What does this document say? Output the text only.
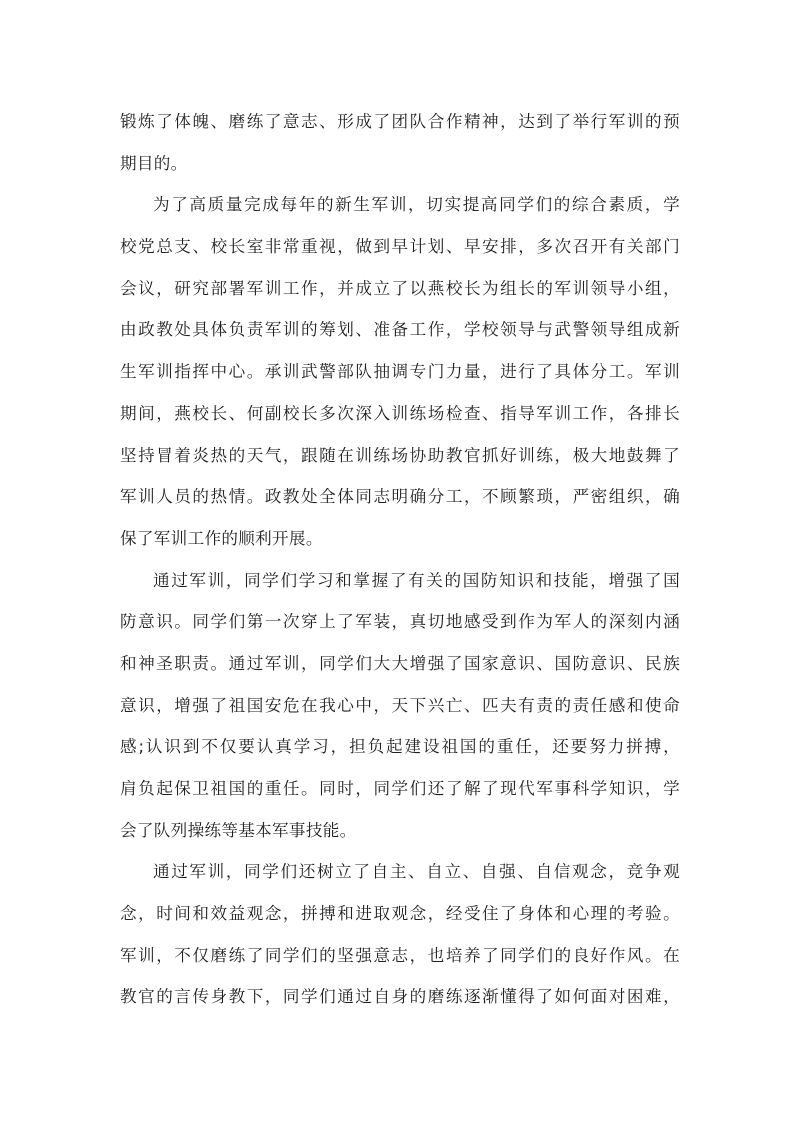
锻炼了体魄、磨练了意志、形成了团队合作精神，达到了举行军训的预
期目的。
为了高质量完成每年的新生军训，切实提高同学们的综合素质，学
校党总支、校长室非常重视，做到早计划、早安排，多次召开有关部门
会议，研究部署军训工作，并成立了以燕校长为组长的军训领导小组，
由政教处具体负责军训的筹划、准备工作，学校领导与武警领导组成新
生军训指挥中心。承训武警部队抽调专门力量，进行了具体分工。军训
期间，燕校长、何副校长多次深入训练场检查、指导军训工作，各排长
坚持冒着炎热的天气，跟随在训练场协助教官抓好训练，极大地鼓舞了
军训人员的热情。政教处全体同志明确分工，不顾繁琐，严密组织，确
保了军训工作的顺利开展。
通过军训，同学们学习和掌握了有关的国防知识和技能，增强了国
防意识。同学们第一次穿上了军装，真切地感受到作为军人的深刻内涵
和神圣职责。通过军训，同学们大大增强了国家意识、国防意识、民族
意识，增强了祖国安危在我心中，天下兴亡、匹夫有责的责任感和使命
感;认识到不仅要认真学习，担负起建设祖国的重任，还要努力拼搏，
肩负起保卫祖国的重任。同时，同学们还了解了现代军事科学知识，学
会了队列操练等基本军事技能。
通过军训，同学们还树立了自主、自立、自强、自信观念，竞争观
念，时间和效益观念，拼搏和进取观念，经受住了身体和心理的考验。
军训，不仅磨练了同学们的坚强意志，也培养了同学们的良好作风。在
教官的言传身教下，同学们通过自身的磨练逐渐懂得了如何面对困难，
